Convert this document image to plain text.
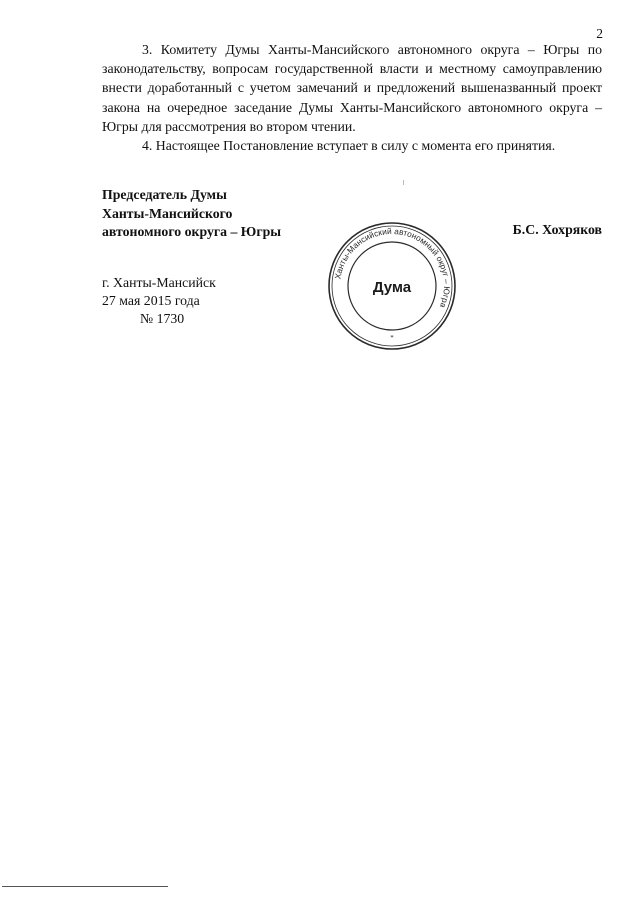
2

3. Комитету Думы Ханты-Мансийского автономного округа – Югры по законодательству, вопросам государственной власти и местному самоуправлению внести доработанный с учетом замечаний и предложений вышеназванный проект закона на очередное заседание Думы Ханты-Мансийского автономного округа – Югры для рассмотрения во втором чтении.

4. Настоящее Постановление вступает в силу с момента его принятия.

Председатель Думы
Ханты-Мансийского
автономного округа – Югры	Б.С. Хохряков
г. Ханты-Мансийск
27 мая 2015 года
№ 1730
Ханты-Мансийский автономный округ – Югра
Дума
*
